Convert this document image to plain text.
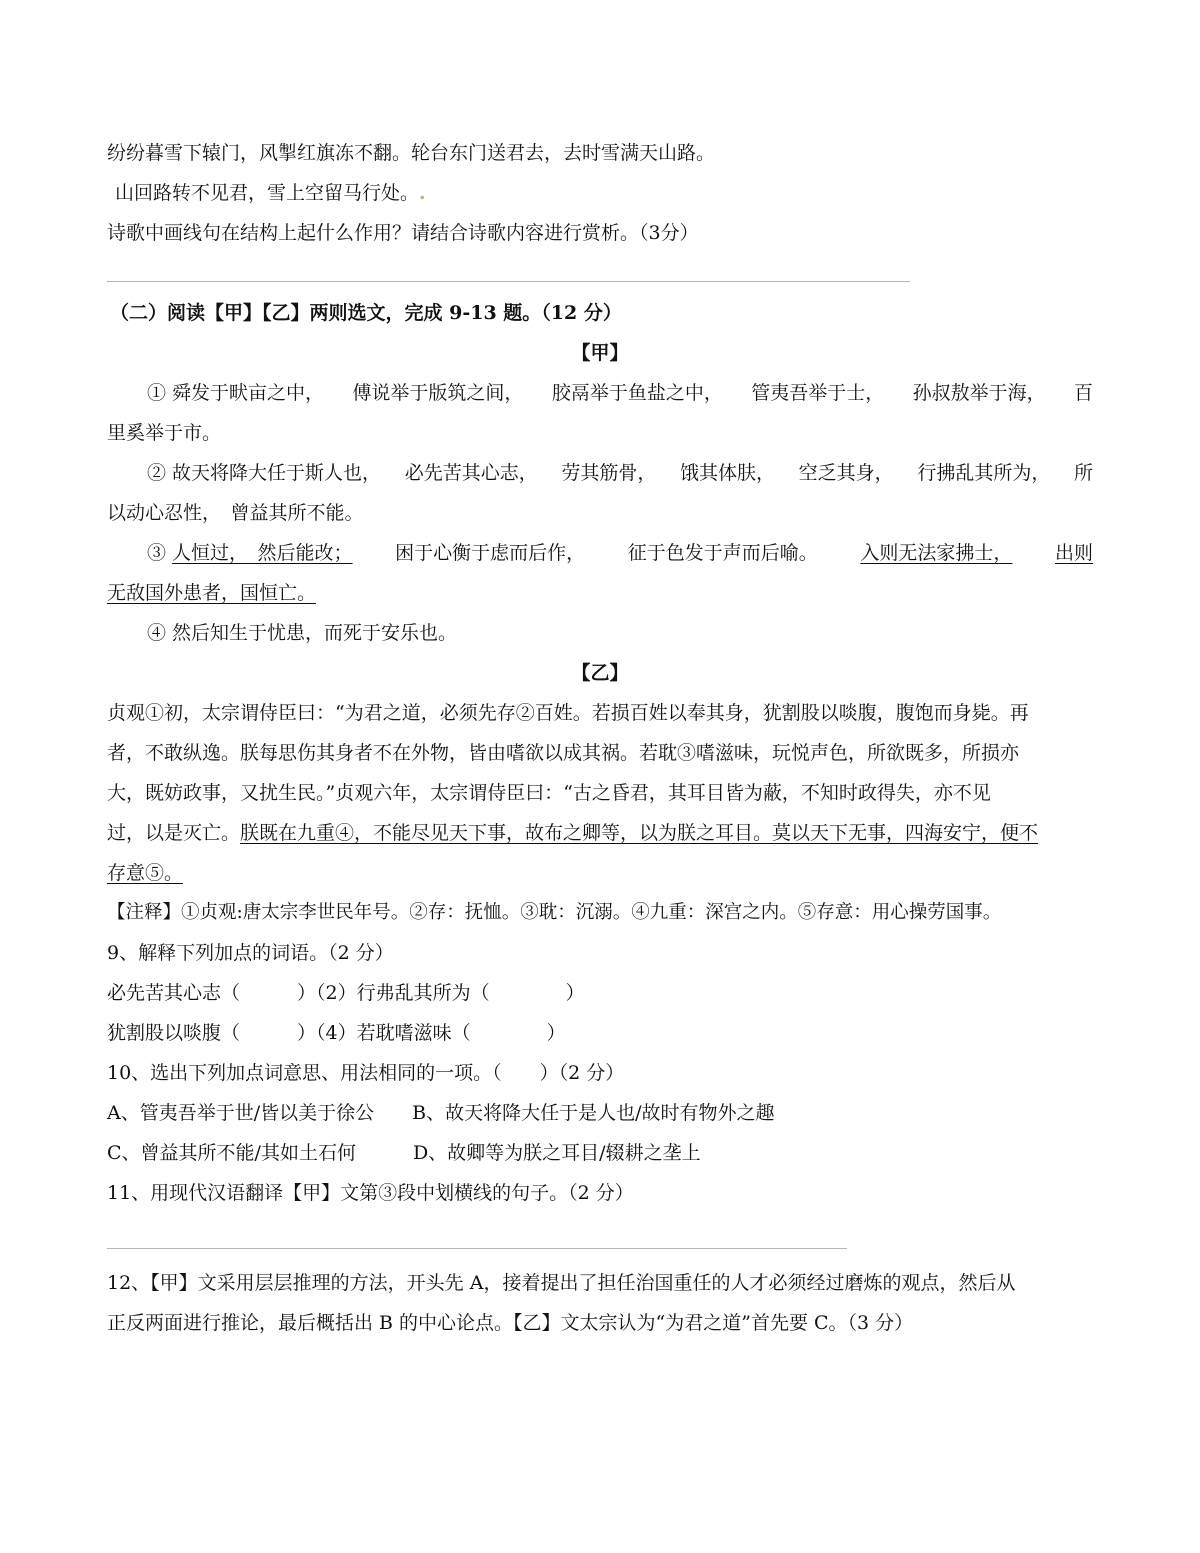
纷纷暮雪下辕门，风掣红旗冻不翻。轮台东门送君去，去时雪满天山路。
山回路转不见君，雪上空留马行处。.
诗歌中画线句在结构上起什么作用？请结合诗歌内容进行赏析。（3分）
（二）阅读【甲】【乙】两则选文，完成 9-13 题。（12 分）
【甲】
① 舜发于畎亩之中， 傅说举于版筑之间， 胶鬲举于鱼盐之中， 管夷吾举于士， 孙叔敖举于海， 百
里奚举于市。
② 故天将降大任于斯人也， 必先苦其心志， 劳其筋骨， 饿其体肤， 空乏其身， 行拂乱其所为， 所
以动心忍性，　曾益其所不能。
③ 人恒过，　然后能改； 困于心衡于虑而后作， 征于色发于声而后喻。 入则无法家拂士， 出则
无敌国外患者，国恒亡。
④ 然后知生于忧患，而死于安乐也。
【乙】
贞观①初，太宗谓侍臣曰：“为君之道，必须先存②百姓。若损百姓以奉其身，犹割股以啖腹，腹饱而身毙。再
者，不敢纵逸。朕每思伤其身者不在外物，皆由嗜欲以成其祸。若耽③嗜滋味，玩悦声色，所欲既多，所损亦
大，既妨政事，又扰生民。”贞观六年，太宗谓侍臣曰：“古之昏君，其耳目皆为蔽，不知时政得失，亦不见
过，以是灭亡。朕既在九重④，不能尽见天下事，故布之卿等，以为朕之耳目。莫以天下无事，四海安宁，便不
存意⑤。
【注释】①贞观:唐太宗李世民年号。②存：抚恤。③耽：沉溺。④九重：深宫之内。⑤存意：用心操劳国事。
9、解释下列加点的词语。（2 分）
必先苦其心志（　　　）（2）行弗乱其所为（　　　　）
犹割股以啖腹（　　　）（4）若耽嗜滋味（　　　　）
10、选出下列加点词意思、用法相同的一项。（　　）（2 分）
A、管夷吾举于世/皆以美于徐公　　B、故天将降大任于是人也/故时有物外之趣
C、曾益其所不能/其如土石何　　　D、故卿等为朕之耳目/辍耕之垄上
11、用现代汉语翻译【甲】文第③段中划横线的句子。（2 分）
12、【甲】文采用层层推理的方法，开头先 A，接着提出了担任治国重任的人才必须经过磨炼的观点，然后从
正反两面进行推论，最后概括出 B 的中心论点。【乙】文太宗认为“为君之道”首先要 C。（3 分）
